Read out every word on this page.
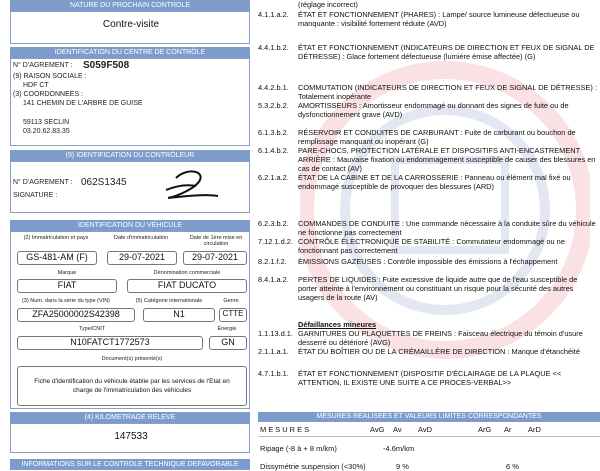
NATURE DU PROCHAIN CONTROLE
Contre-visite
IDENTIFICATION DU CENTRE DE CONTRÔLE
N° D'AGREMENT : S059F508
(9) RAISON SOCIALE :
HDF CT
(3) COORDONNEES :
141 CHEMIN DE L'ARBRE DE GUISE
59113 SECLIN
03.20.62.83.35
(9) IDENTIFICATION DU CONTRÔLEUR
N° D'AGREMENT : 062S1345
SIGNATURE :
IDENTIFICATION DU VÉHICULE
(2) Immatriculation et pays	Date d'immatriculation	Date de 1ère mise en circulation
GS-481-AM (F)	29-07-2021	29-07-2021
Marque	Dénomination commerciale
FIAT	FIAT DUCATO
(3) Num. dans la série du type (VIN)	(5) Catégorie internationale	Genre
ZFA25000002S42398	N1	CTTE
Type/CNIT	Énergie
N10FATCT1772573	GN
Document(s) présenté(s)
Fiche d'identification du véhicule établie par les services de l'Etat en charge de l'immatriculation des véhicules
(4) KILOMETRAGE RELEVE
147533
INFORMATIONS SUR LE CONTROLE TECHNIQUE DEFAVORABLE
(réglage incorrect)
4.1.1.a.2.	ÉTAT ET FONCTIONNEMENT (PHARES) : Lampe/ source lumineuse défectueuse ou manquante : visibilité fortement réduite (AVD)
4.4.1.b.2.	ÉTAT ET FONCTIONNEMENT (INDICATEURS DE DIRECTION ET FEUX DE SIGNAL DE DÉTRESSE) : Glace fortement défectueuse (lumière émise affectée) (G)
4.4.2.b.1.	COMMUTATION (INDICATEURS DE DIRECTION ET FEUX DE SIGNAL DE DÉTRESSE) : Totalement inopérante
5.3.2.b.2.	AMORTISSEURS : Amortisseur endommagé ou donnant des signes de fuite ou de dysfonctionnement grave (AVD)
6.1.3.b.2.	RÉSERVOIR ET CONDUITES DE CARBURANT : Fuite de carburant ou bouchon de remplissage manquant ou inopérant (G)
6.1.4.b.2.	PARE-CHOCS, PROTECTION LATÉRALE ET DISPOSITIFS ANTI-ENCASTREMENT ARRIÈRE : Mauvaise fixation ou endommagement susceptible de causer des blessures en cas de contact (AV)
6.2.1.a.2.	ÉTAT DE LA CABINE ET DE LA CARROSSERIE : Panneau ou élément mal fixé ou endommagé susceptible de provoquer des blessures (ARD)
6.2.3.b.2.	COMMANDES DE CONDUITE : Une commande nécessaire à la conduite sûre du véhicule ne fonctionne pas correctement
7.12.1.d.2. CONTRÔLE ÉLECTRONIQUE DE STABILITÉ : Commutateur endommagé ou ne fonctionnant pas correctement
8.2.1.f.2.	ÉMISSIONS GAZEUSES : Contrôle impossible des émissions à l'échappement
8.4.1.a.2.	PERTES DE LIQUIDES : Fuite excessive de liquide autre que de l'eau susceptible de porter atteinte à l'environnement ou constituant un risque pour la sécurité des autres usagers de la route (AV)
Défaillances mineures
1.1.13.d.1. GARNITURES OU PLAQUETTES DE FREINS : Faisceau électrique du témoin d'usure desserré ou détérioré (AVG)
2.1.1.a.1.	ÉTAT DU BOÎTIER OU DE LA CRÉMAILLÈRE DE DIRECTION : Manque d'étanchéité
4.7.1.b.1.	ÉTAT ET FONCTIONNEMENT (DISPOSITIF D'ÉCLAIRAGE DE LA PLAQUE << ATTENTION, IL EXISTE UNE SUITE A CE PROCES-VERBAL>>
MESURES REALISEES ET VALEURS LIMITES CORRESPONDANTES
MESURES	AvG Av AvD	ArG Ar ArD
Ripage (-8 à + 8 m/km)	-4.6m/km
Dissymétrie suspension (<30%)	9 %	6 %
